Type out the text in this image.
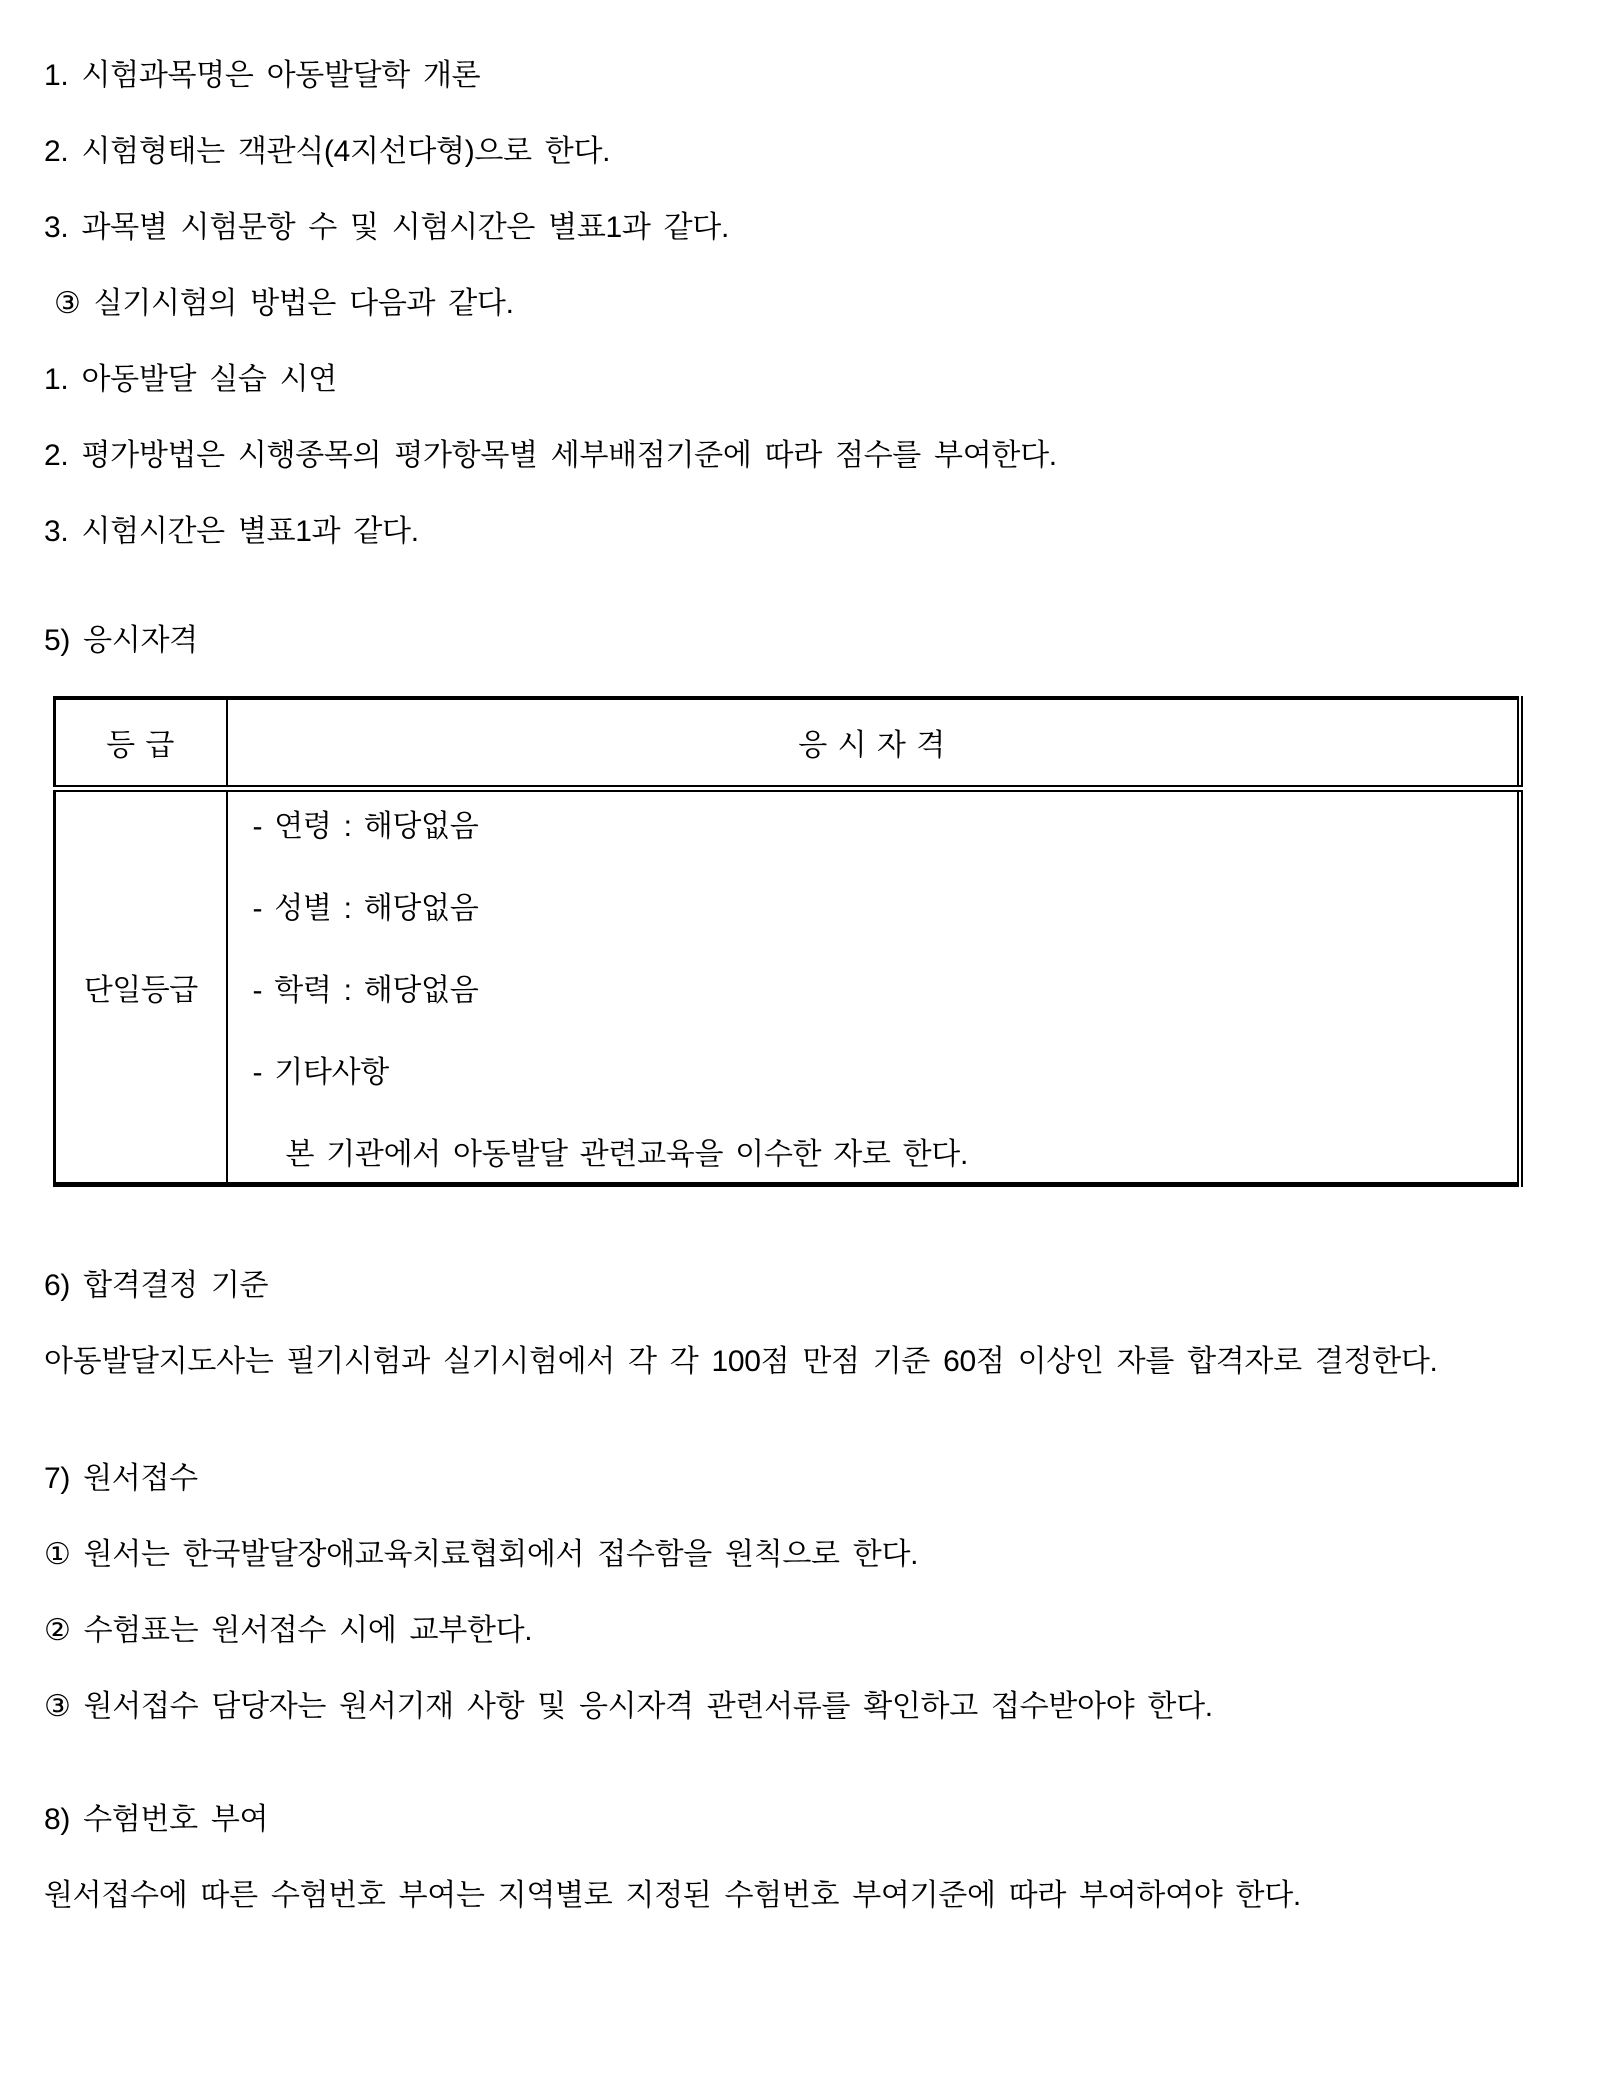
1. 시험과목명은 아동발달학 개론

2. 시험형태는 객관식(4지선다형)으로 한다.

3. 과목별 시험문항 수 및 시험시간은 별표1과 같다.

③ 실기시험의 방법은 다음과 같다.

1. 아동발달 실습 시연

2. 평가방법은 시행종목의 평가항목별 세부배점기준에 따라 점수를 부여한다.

3. 시험시간은 별표1과 같다.

5) 응시자격

등 급	응 시 자 격
단일등급	- 연령 : 해당없음

- 성별 : 해당없음

- 학력 : 해당없음

- 기타사항

본 기관에서 아동발달 관련교육을 이수한 자로 한다.

6) 합격결정 기준

아동발달지도사는 필기시험과 실기시험에서 각 각 100점 만점 기준 60점 이상인 자를 합격자로 결정한다.

7) 원서접수

① 원서는 한국발달장애교육치료협회에서 접수함을 원칙으로 한다.

② 수험표는 원서접수 시에 교부한다.

③ 원서접수 담당자는 원서기재 사항 및 응시자격 관련서류를 확인하고 접수받아야 한다.

8) 수험번호 부여

원서접수에 따른 수험번호 부여는 지역별로 지정된 수험번호 부여기준에 따라 부여하여야 한다.
